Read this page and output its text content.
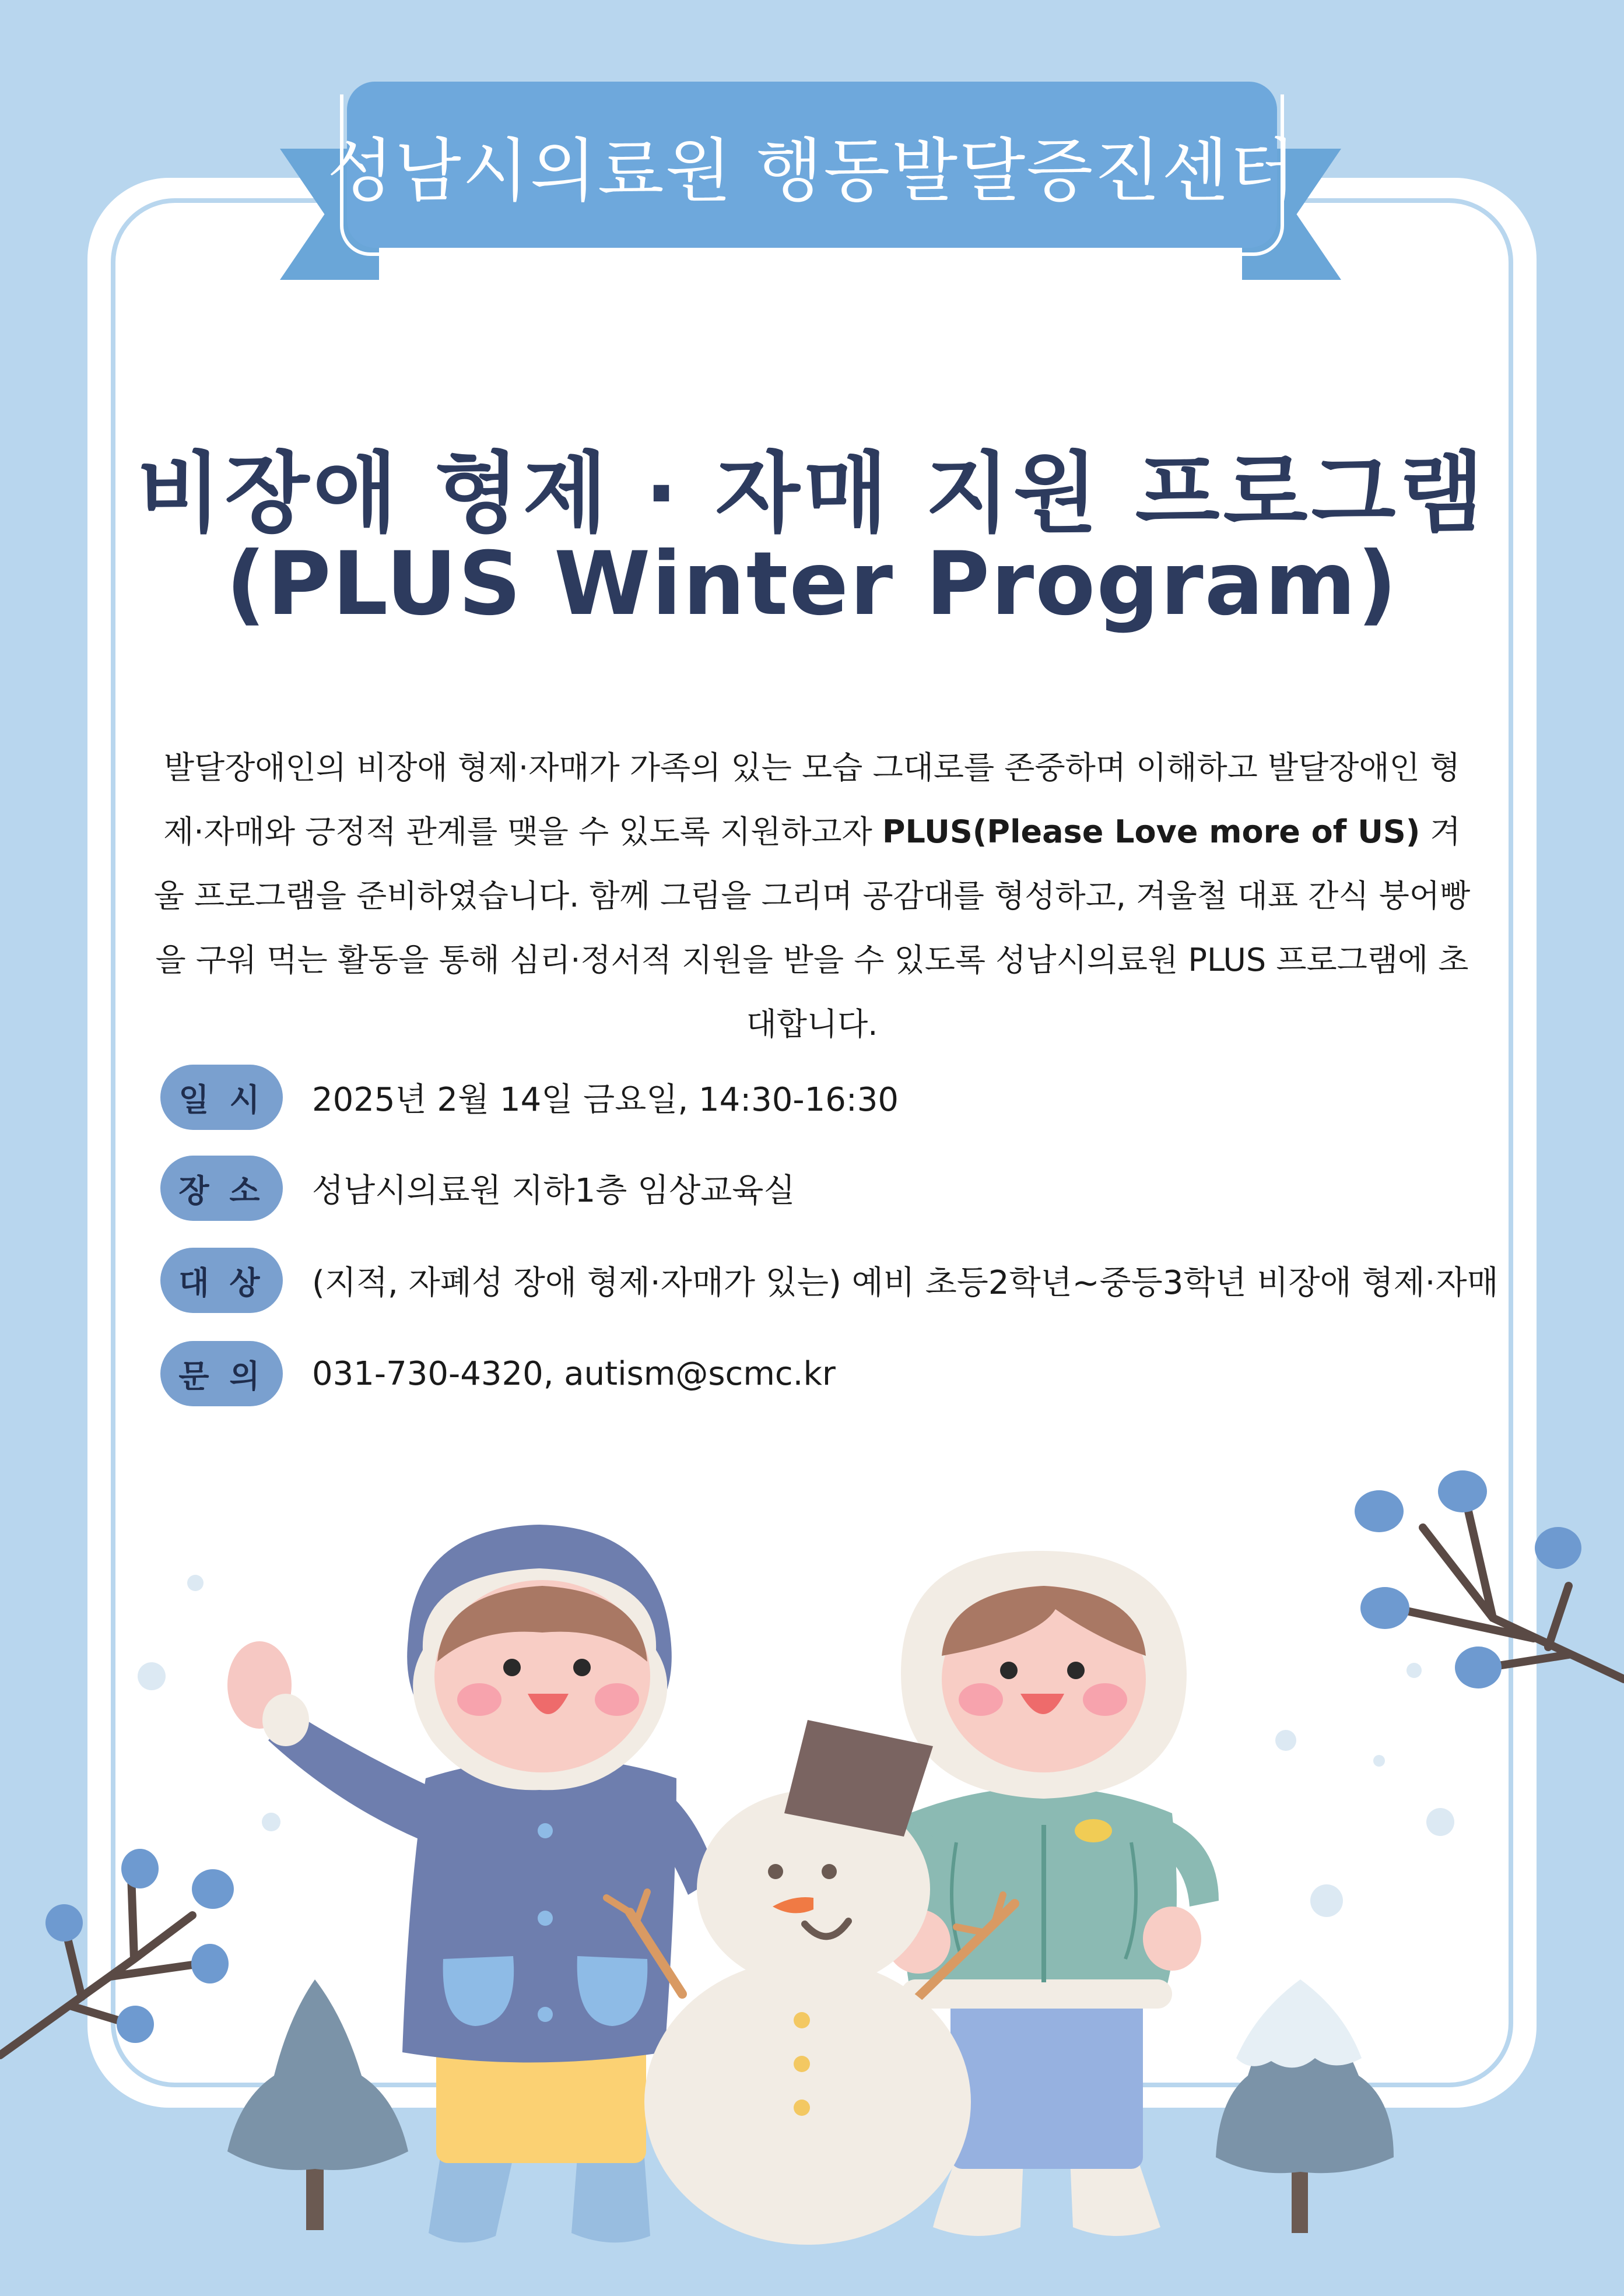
성남시의료원 행동발달증진센터
비장애 형제 · 자매 지원 프로그램
(PLUS Winter Program)
발달장애인의 비장애 형제·자매가 가족의 있는 모습 그대로를 존중하며 이해하고 발달장애인 형제·자매와 긍정적 관계를 맺을 수 있도록 지원하고자 PLUS(Please Love more of US) 겨울 프로그램을 준비하였습니다. 함께 그림을 그리며 공감대를 형성하고, 겨울철 대표 간식 붕어빵을 구워 먹는 활동을 통해 심리·정서적 지원을 받을 수 있도록 성남시의료원 PLUS 프로그램에 초대합니다.
일 시	2025년 2월 14일 금요일, 14:30-16:30
장 소	성남시의료원 지하1층 임상교육실
대 상	(지적, 자폐성 장애 형제·자매가 있는) 예비 초등2학년~중등3학년 비장애 형제·자매
문 의	031-730-4320, autism@scmc.kr
